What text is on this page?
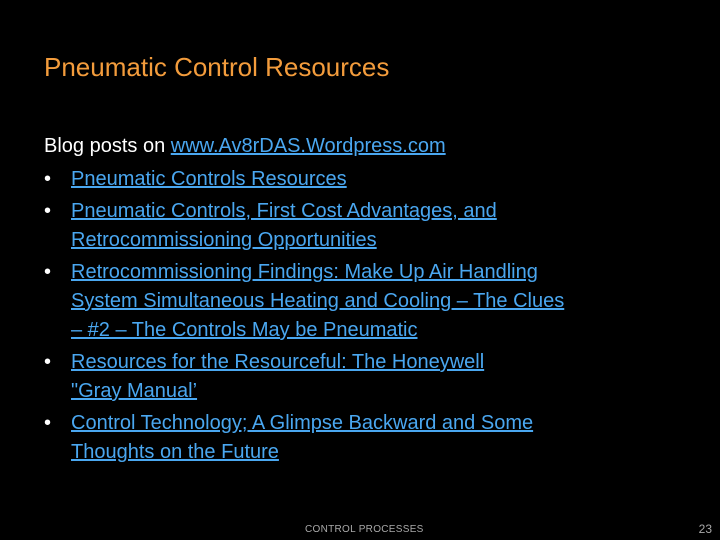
Pneumatic Control Resources
Blog posts on www.Av8rDAS.Wordpress.com
• Pneumatic Controls Resources
• Pneumatic Controls, First Cost Advantages, and
Retrocommissioning Opportunities
• Retrocommissioning Findings: Make Up Air Handling
System Simultaneous Heating and Cooling – The Clues
– #2 – The Controls May be Pneumatic
• Resources for the Resourceful: The Honeywell
"Gray Manual’
• Control Technology; A Glimpse Backward and Some
Thoughts on the Future
CONTROL PROCESSES	23
